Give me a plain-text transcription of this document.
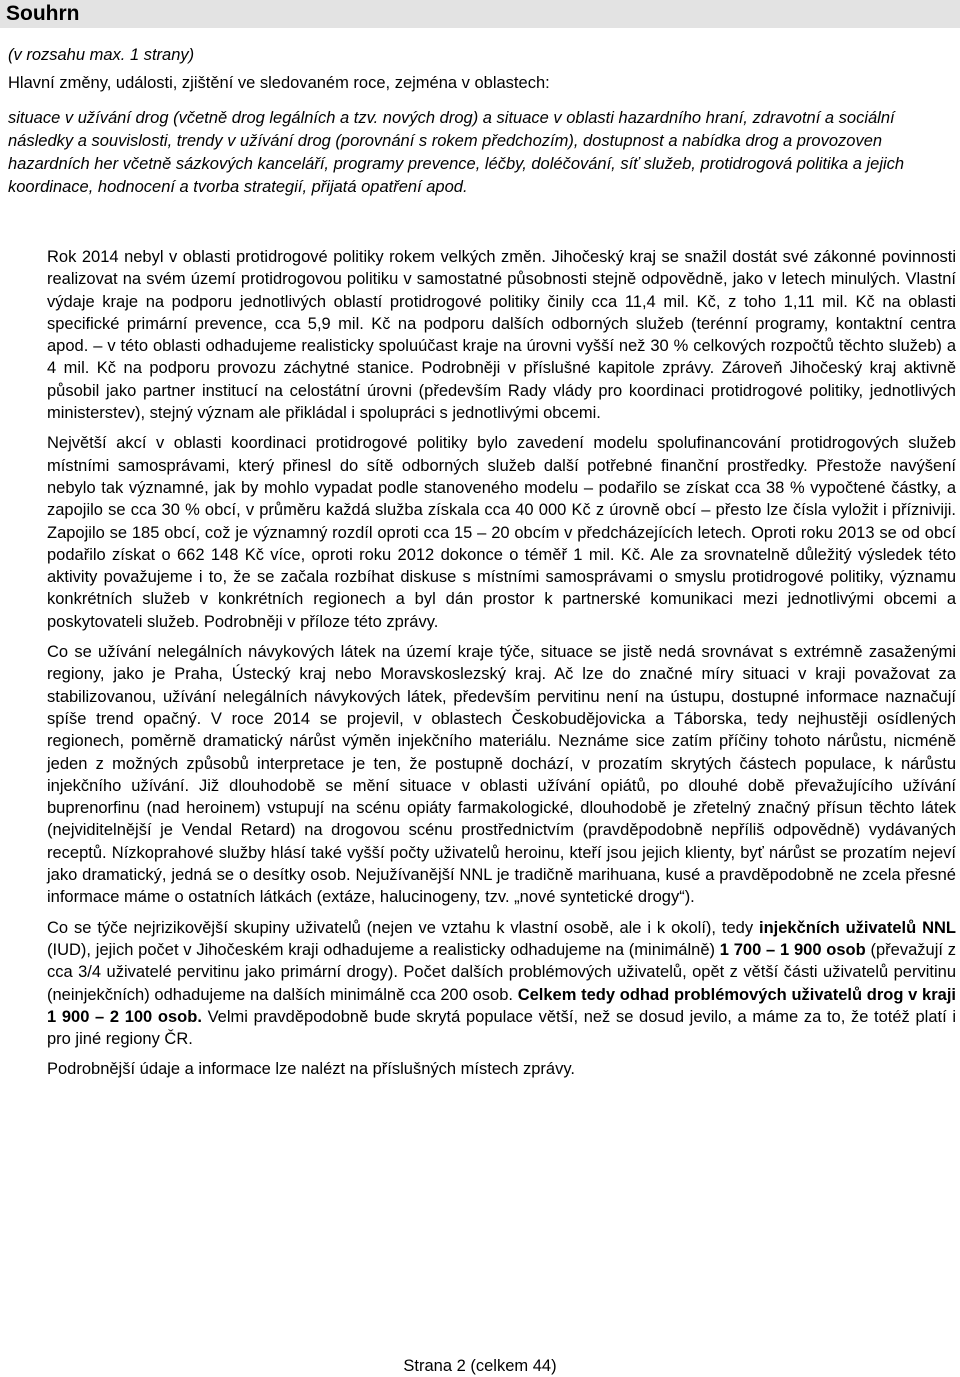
Souhrn
(v rozsahu max. 1 strany)
Hlavní změny, události, zjištění ve sledovaném roce, zejména v oblastech:
situace v užívání drog (včetně drog legálních a tzv. nových drog) a situace v oblasti hazardního hraní, zdravotní a sociální následky a souvislosti, trendy v užívání drog (porovnání s rokem předchozím), dostupnost a nabídka drog a provozoven hazardních her včetně sázkových kanceláří, programy prevence, léčby, doléčování, síť služeb, protidrogová politika a jejich koordinace, hodnocení a tvorba strategií, přijatá opatření apod.

Rok 2014 nebyl v oblasti protidrogové politiky rokem velkých změn. Jihočeský kraj se snažil dostát své zákonné povinnosti realizovat na svém území protidrogovou politiku v samostatné působnosti stejně odpovědně, jako v letech minulých. Vlastní výdaje kraje na podporu jednotlivých oblastí protidrogové politiky činily cca 11,4 mil. Kč, z toho 1,11 mil. Kč na oblasti specifické primární prevence, cca 5,9 mil. Kč na podporu dalších odborných služeb (terénní programy, kontaktní centra apod. – v této oblasti odhadujeme realisticky spoluúčast kraje na úrovni vyšší než 30 % celkových rozpočtů těchto služeb) a 4 mil. Kč na podporu provozu záchytné stanice. Podrobněji v příslušné kapitole zprávy. Zároveň Jihočeský kraj aktivně působil jako partner institucí na celostátní úrovni (především Rady vlády pro koordinaci protidrogové politiky, jednotlivých ministerstev), stejný význam ale přikládal i spolupráci s jednotlivými obcemi.

Největší akcí v oblasti koordinaci protidrogové politiky bylo zavedení modelu spolufinancování protidrogových služeb místními samosprávami, který přinesl do sítě odborných služeb další potřebné finanční prostředky. Přestože navýšení nebylo tak významné, jak by mohlo vypadat podle stanoveného modelu – podařilo se získat cca 38 % vypočtené částky, a zapojilo se cca 30 % obcí, v průměru každá služba získala cca 40 000 Kč z úrovně obcí – přesto lze čísla vyložit i přízniviji. Zapojilo se 185 obcí, což je významný rozdíl oproti cca 15 – 20 obcím v předcházejících letech. Oproti roku 2013 se od obcí podařilo získat o 662 148 Kč více, oproti roku 2012 dokonce o téměř 1 mil. Kč. Ale za srovnatelně důležitý výsledek této aktivity považujeme i to, že se začala rozbíhat diskuse s místními samosprávami o smyslu protidrogové politiky, významu konkrétních služeb v konkrétních regionech a byl dán prostor k partnerské komunikaci mezi jednotlivými obcemi a poskytovateli služeb. Podrobněji v příloze této zprávy.

Co se užívání nelegálních návykových látek na území kraje týče, situace se jistě nedá srovnávat s extrémně zasaženými regiony, jako je Praha, Ústecký kraj nebo Moravskoslezský kraj. Ač lze do značné míry situaci v kraji považovat za stabilizovanou, užívání nelegálních návykových látek, především pervitinu není na ústupu, dostupné informace naznačují spíše trend opačný. V roce 2014 se projevil, v oblastech Českobudějovicka a Táborska, tedy nejhustěji osídlených regionech, poměrně dramatický nárůst výměn injekčního materiálu. Neznáme sice zatím příčiny tohoto nárůstu, nicméně jeden z možných způsobů interpretace je ten, že postupně dochází, v prozatím skrytých částech populace, k nárůstu injekčního užívání. Již dlouhodobě se mění situace v oblasti užívání opiátů, po dlouhé době převažujícího užívání buprenorfinu (nad heroinem) vstupují na scénu opiáty farmakologické, dlouhodobě je zřetelný značný přísun těchto látek (nejviditelnější je Vendal Retard) na drogovou scénu prostřednictvím (pravděpodobně nepříliš odpovědně) vydávaných receptů. Nízkoprahové služby hlásí také vyšší počty uživatelů heroinu, kteří jsou jejich klienty, byť nárůst se prozatím nejeví jako dramatický, jedná se o desítky osob. Nejužívanější NNL je tradičně marihuana, kusé a pravděpodobně ne zcela přesné informace máme o ostatních látkách (extáze, halucinogeny, tzv. „nové syntetické drogy“).

Co se týče nejrizikovější skupiny uživatelů (nejen ve vztahu k vlastní osobě, ale i k okolí), tedy injekčních uživatelů NNL (IUD), jejich počet v Jihočeském kraji odhadujeme a realisticky odhadujeme na (minimálně) 1 700 – 1 900 osob (převažují z cca 3/4 uživatelé pervitinu jako primární drogy). Počet dalších problémových uživatelů, opět z větší části uživatelů pervitinu (neinjekčních) odhadujeme na dalších minimálně cca 200 osob. Celkem tedy odhad problémových uživatelů drog v kraji 1 900 – 2 100 osob. Velmi pravděpodobně bude skrytá populace větší, než se dosud jevilo, a máme za to, že totéž platí i pro jiné regiony ČR.

Podrobnější údaje a informace lze nalézt na příslušných místech zprávy.

Strana 2 (celkem 44)
